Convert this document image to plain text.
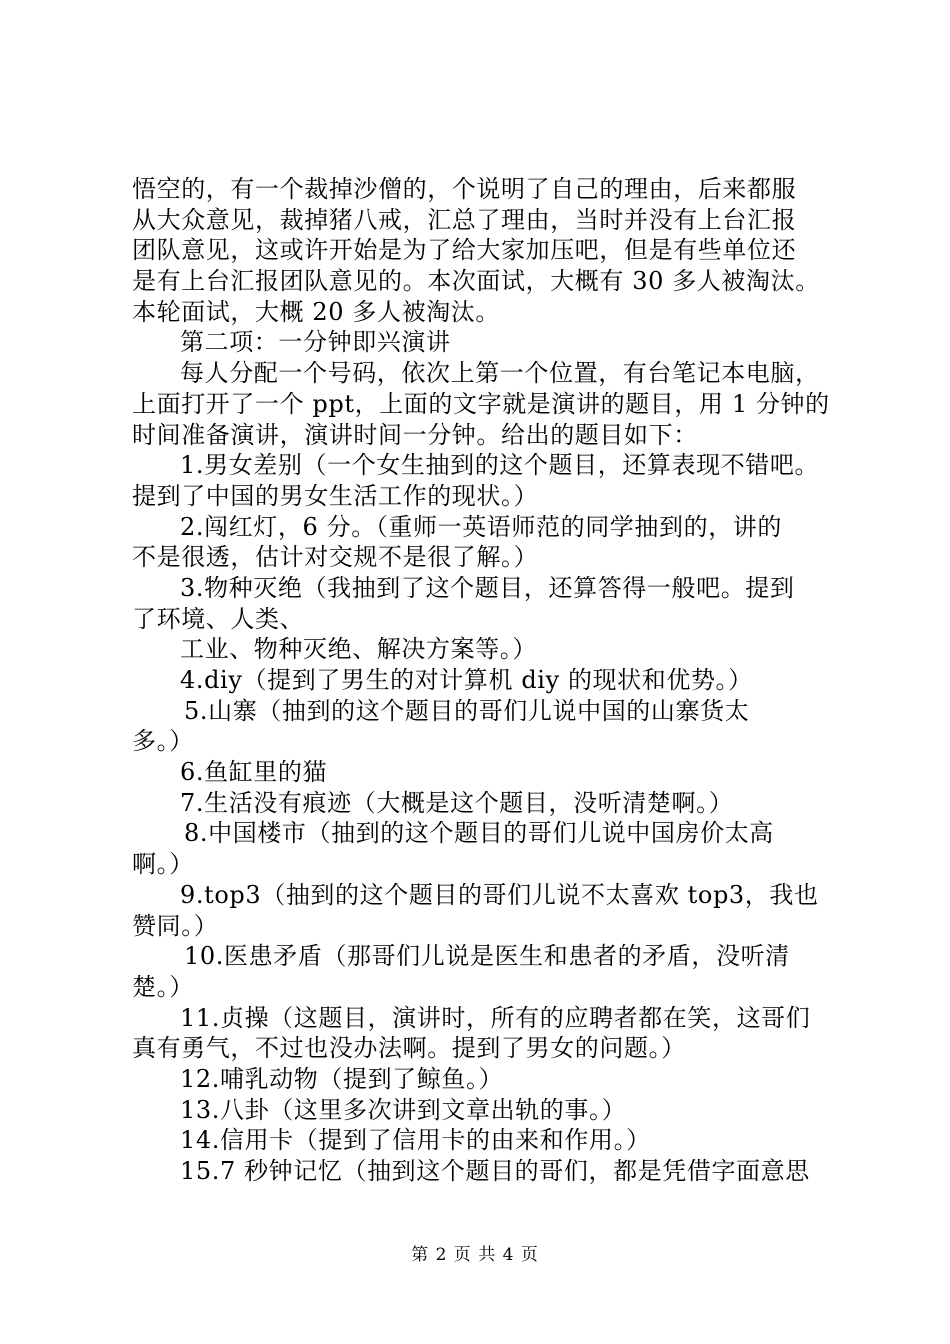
悟空的，有一个裁掉沙僧的，个说明了自己的理由，后来都服
从大众意见，裁掉猪八戒，汇总了理由，当时并没有上台汇报
团队意见，这或许开始是为了给大家加压吧，但是有些单位还
是有上台汇报团队意见的。本次面试，大概有 30 多人被淘汰。
本轮面试，大概 20 多人被淘汰。
第二项：一分钟即兴演讲
每人分配一个号码，依次上第一个位置，有台笔记本电脑，
上面打开了一个 ppt，上面的文字就是演讲的题目，用 1 分钟的
时间准备演讲，演讲时间一分钟。给出的题目如下：
1.男女差别（一个女生抽到的这个题目，还算表现不错吧。
提到了中国的男女生活工作的现状。）
2.闯红灯，6 分。（重师一英语师范的同学抽到的，讲的
不是很透，估计对交规不是很了解。）
3.物种灭绝（我抽到了这个题目，还算答得一般吧。提到
了环境、人类、
工业、物种灭绝、解决方案等。）
4.diy（提到了男生的对计算机 diy 的现状和优势。）
5.山寨（抽到的这个题目的哥们儿说中国的山寨货太
多。）
6.鱼缸里的猫
7.生活没有痕迹（大概是这个题目，没听清楚啊。）
8.中国楼市（抽到的这个题目的哥们儿说中国房价太高
啊。）
9.top3（抽到的这个题目的哥们儿说不太喜欢 top3，我也
赞同。）
10.医患矛盾（那哥们儿说是医生和患者的矛盾，没听清
楚。）
11.贞操（这题目，演讲时，所有的应聘者都在笑，这哥们
真有勇气，不过也没办法啊。提到了男女的问题。）
12.哺乳动物（提到了鲸鱼。）
13.八卦（这里多次讲到文章出轨的事。）
14.信用卡（提到了信用卡的由来和作用。）
15.7 秒钟记忆（抽到这个题目的哥们，都是凭借字面意思
第 2 页 共 4 页
